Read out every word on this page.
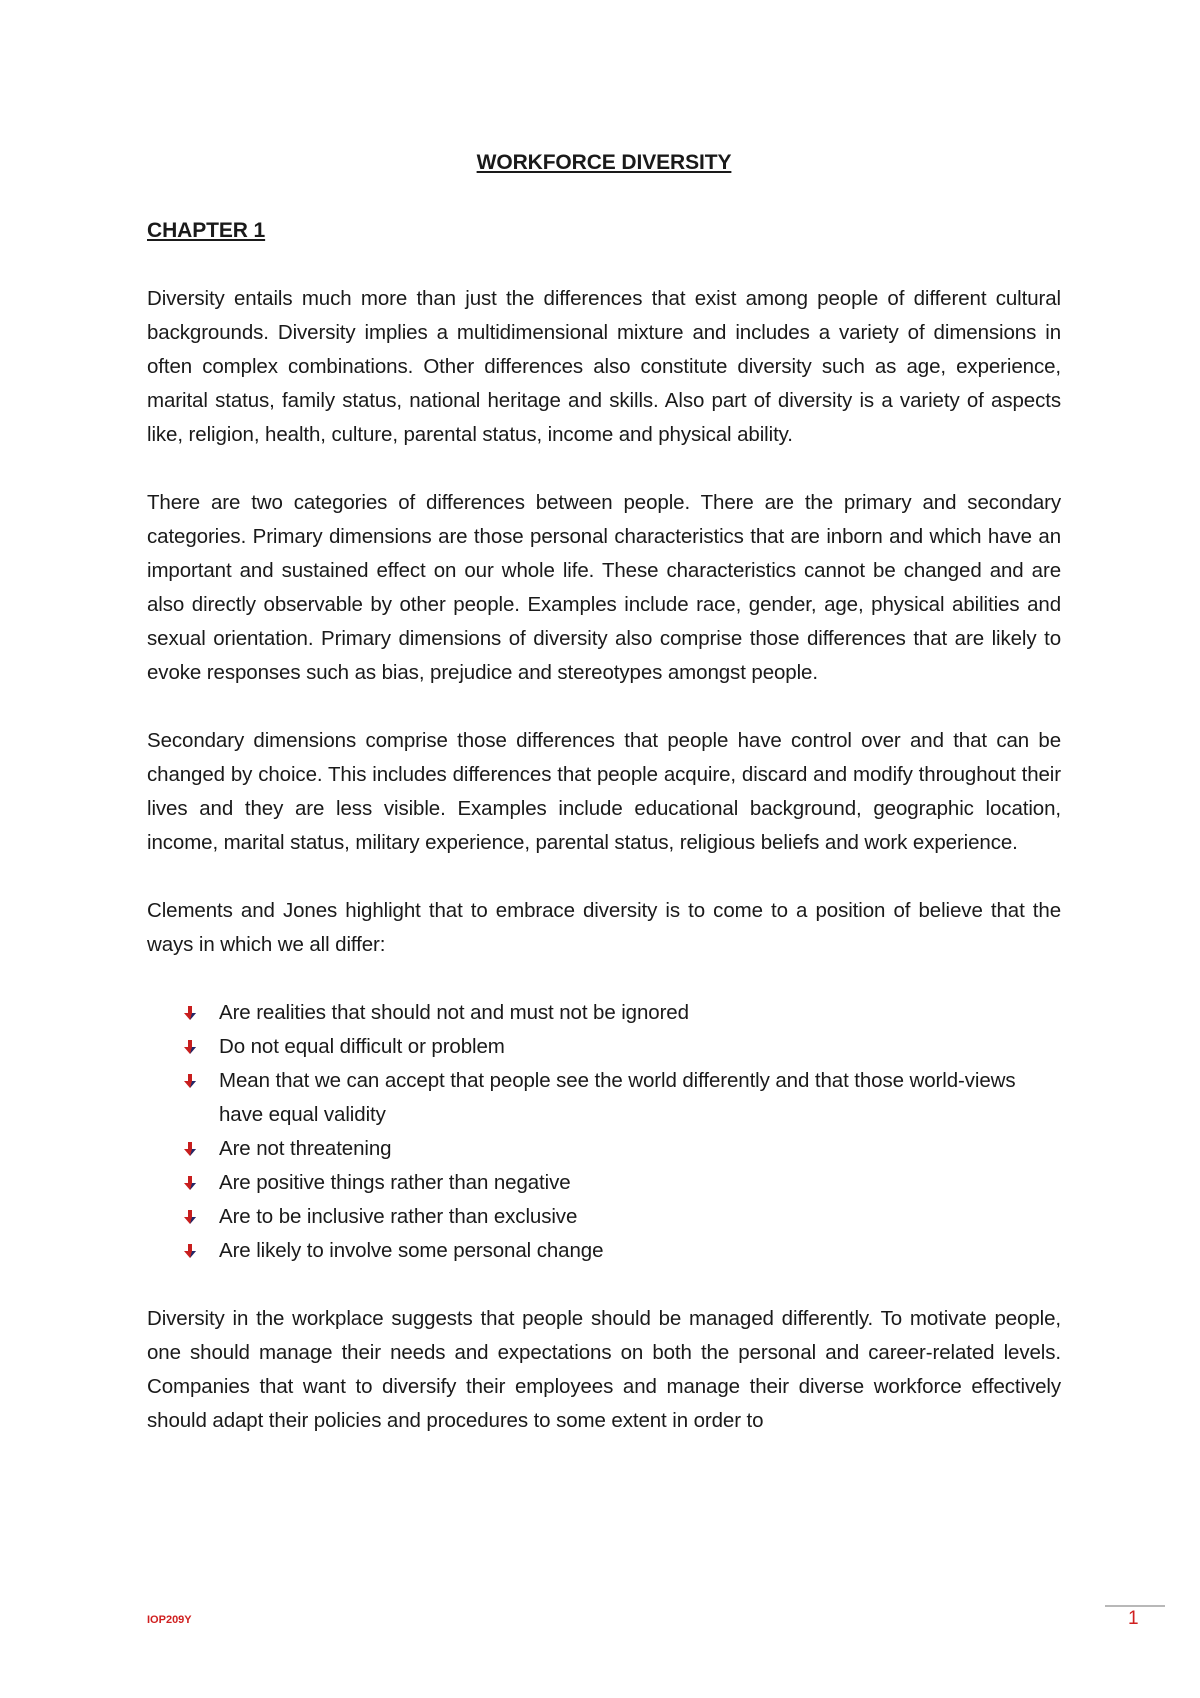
WORKFORCE DIVERSITY
CHAPTER 1

Diversity entails much more than just the differences that exist among people of different cultural backgrounds. Diversity implies a multidimensional mixture and includes a variety of dimensions in often complex combinations. Other differences also constitute diversity such as age, experience, marital status, family status, national heritage and skills. Also part of diversity is a variety of aspects like, religion, health, culture, parental status, income and physical ability.

There are two categories of differences between people. There are the primary and secondary categories. Primary dimensions are those personal characteristics that are inborn and which have an important and sustained effect on our whole life. These characteristics cannot be changed and are also directly observable by other people. Examples include race, gender, age, physical abilities and sexual orientation. Primary dimensions of diversity also comprise those differences that are likely to evoke responses such as bias, prejudice and stereotypes amongst people.

Secondary dimensions comprise those differences that people have control over and that can be changed by choice. This includes differences that people acquire, discard and modify throughout their lives and they are less visible. Examples include educational background, geographic location, income, marital status, military experience, parental status, religious beliefs and work experience.

Clements and Jones highlight that to embrace diversity is to come to a position of believe that the ways in which we all differ:

Are realities that should not and must not be ignored
Do not equal difficult or problem
Mean that we can accept that people see the world differently and that those world-views have equal validity
Are not threatening
Are positive things rather than negative
Are to be inclusive rather than exclusive
Are likely to involve some personal change

Diversity in the workplace suggests that people should be managed differently. To motivate people, one should manage their needs and expectations on both the personal and career-related levels. Companies that want to diversify their employees and manage their diverse workforce effectively should adapt their policies and procedures to some extent in order to

IOP209Y	1
